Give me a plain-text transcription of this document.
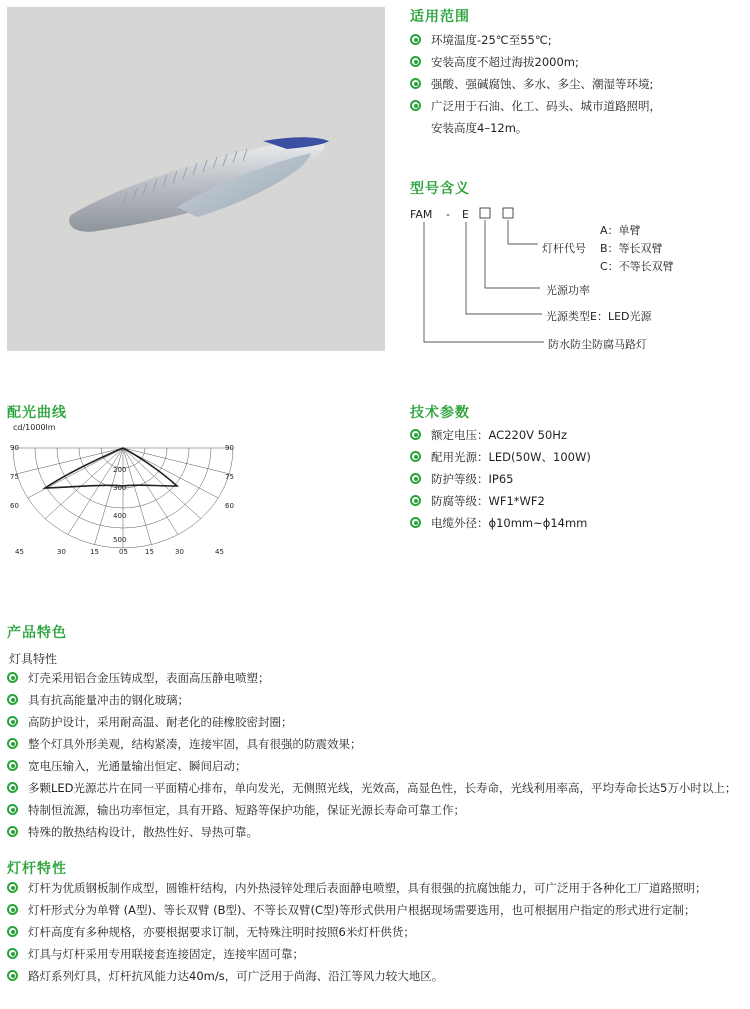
适用范围
环境温度-25℃至55℃;
安装高度不超过海拔2000m;
强酸、强碱腐蚀、多水、多尘、潮湿等环境;
广泛用于石油、化工、码头、城市道路照明，
安装高度4–12m。
型号含义
FAM - E
A：单臂
灯杆代号 B：等长双臂
C：不等长双臂
光源功率
光源类型E：LED光源
防水防尘防腐马路灯
配光曲线
cd/1000lm
90
75
60
90
75
60
200
300
400
500
45	30	15	05 15	30	45
技术参数
额定电压：AC220V 50Hz
配用光源：LED(50W、100W)
防护等级：IP65
防腐等级：WF1*WF2
电缆外径：ϕ10mm~ϕ14mm
产品特色
灯具特性
灯壳采用铝合金压铸成型，表面高压静电喷塑；
具有抗高能量冲击的钢化玻璃；
高防护设计，采用耐高温、耐老化的硅橡胶密封圈；
整个灯具外形美观，结构紧凑，连接牢固，具有很强的防震效果；
宽电压输入，光通量输出恒定、瞬间启动；
多颗LED光源芯片在同一平面精心排布，单向发光，无侧照光线，光效高，高显色性，长寿命，光线利用率高，平均寿命长达5万小时以上；
特制恒流源，输出功率恒定，具有开路、短路等保护功能，保证光源长寿命可靠工作；
特殊的散热结构设计，散热性好、导热可靠。
灯杆特性
灯杆为优质钢板制作成型，圆锥杆结构，内外热浸锌处理后表面静电喷塑，具有很强的抗腐蚀能力，可广泛用于各种化工厂道路照明；
灯杆形式分为单臂 (A型)、等长双臂 (B型)、不等长双臂(C型)等形式供用户根据现场需要选用，也可根据用户指定的形式进行定制；
灯杆高度有多种规格，亦要根据要求订制，无特殊注明时按照6米灯杆供货；
灯具与灯杆采用专用联接套连接固定，连接牢固可靠；
路灯系列灯具，灯杆抗风能力达40m/s，可广泛用于尚海、沿江等风力较大地区。
